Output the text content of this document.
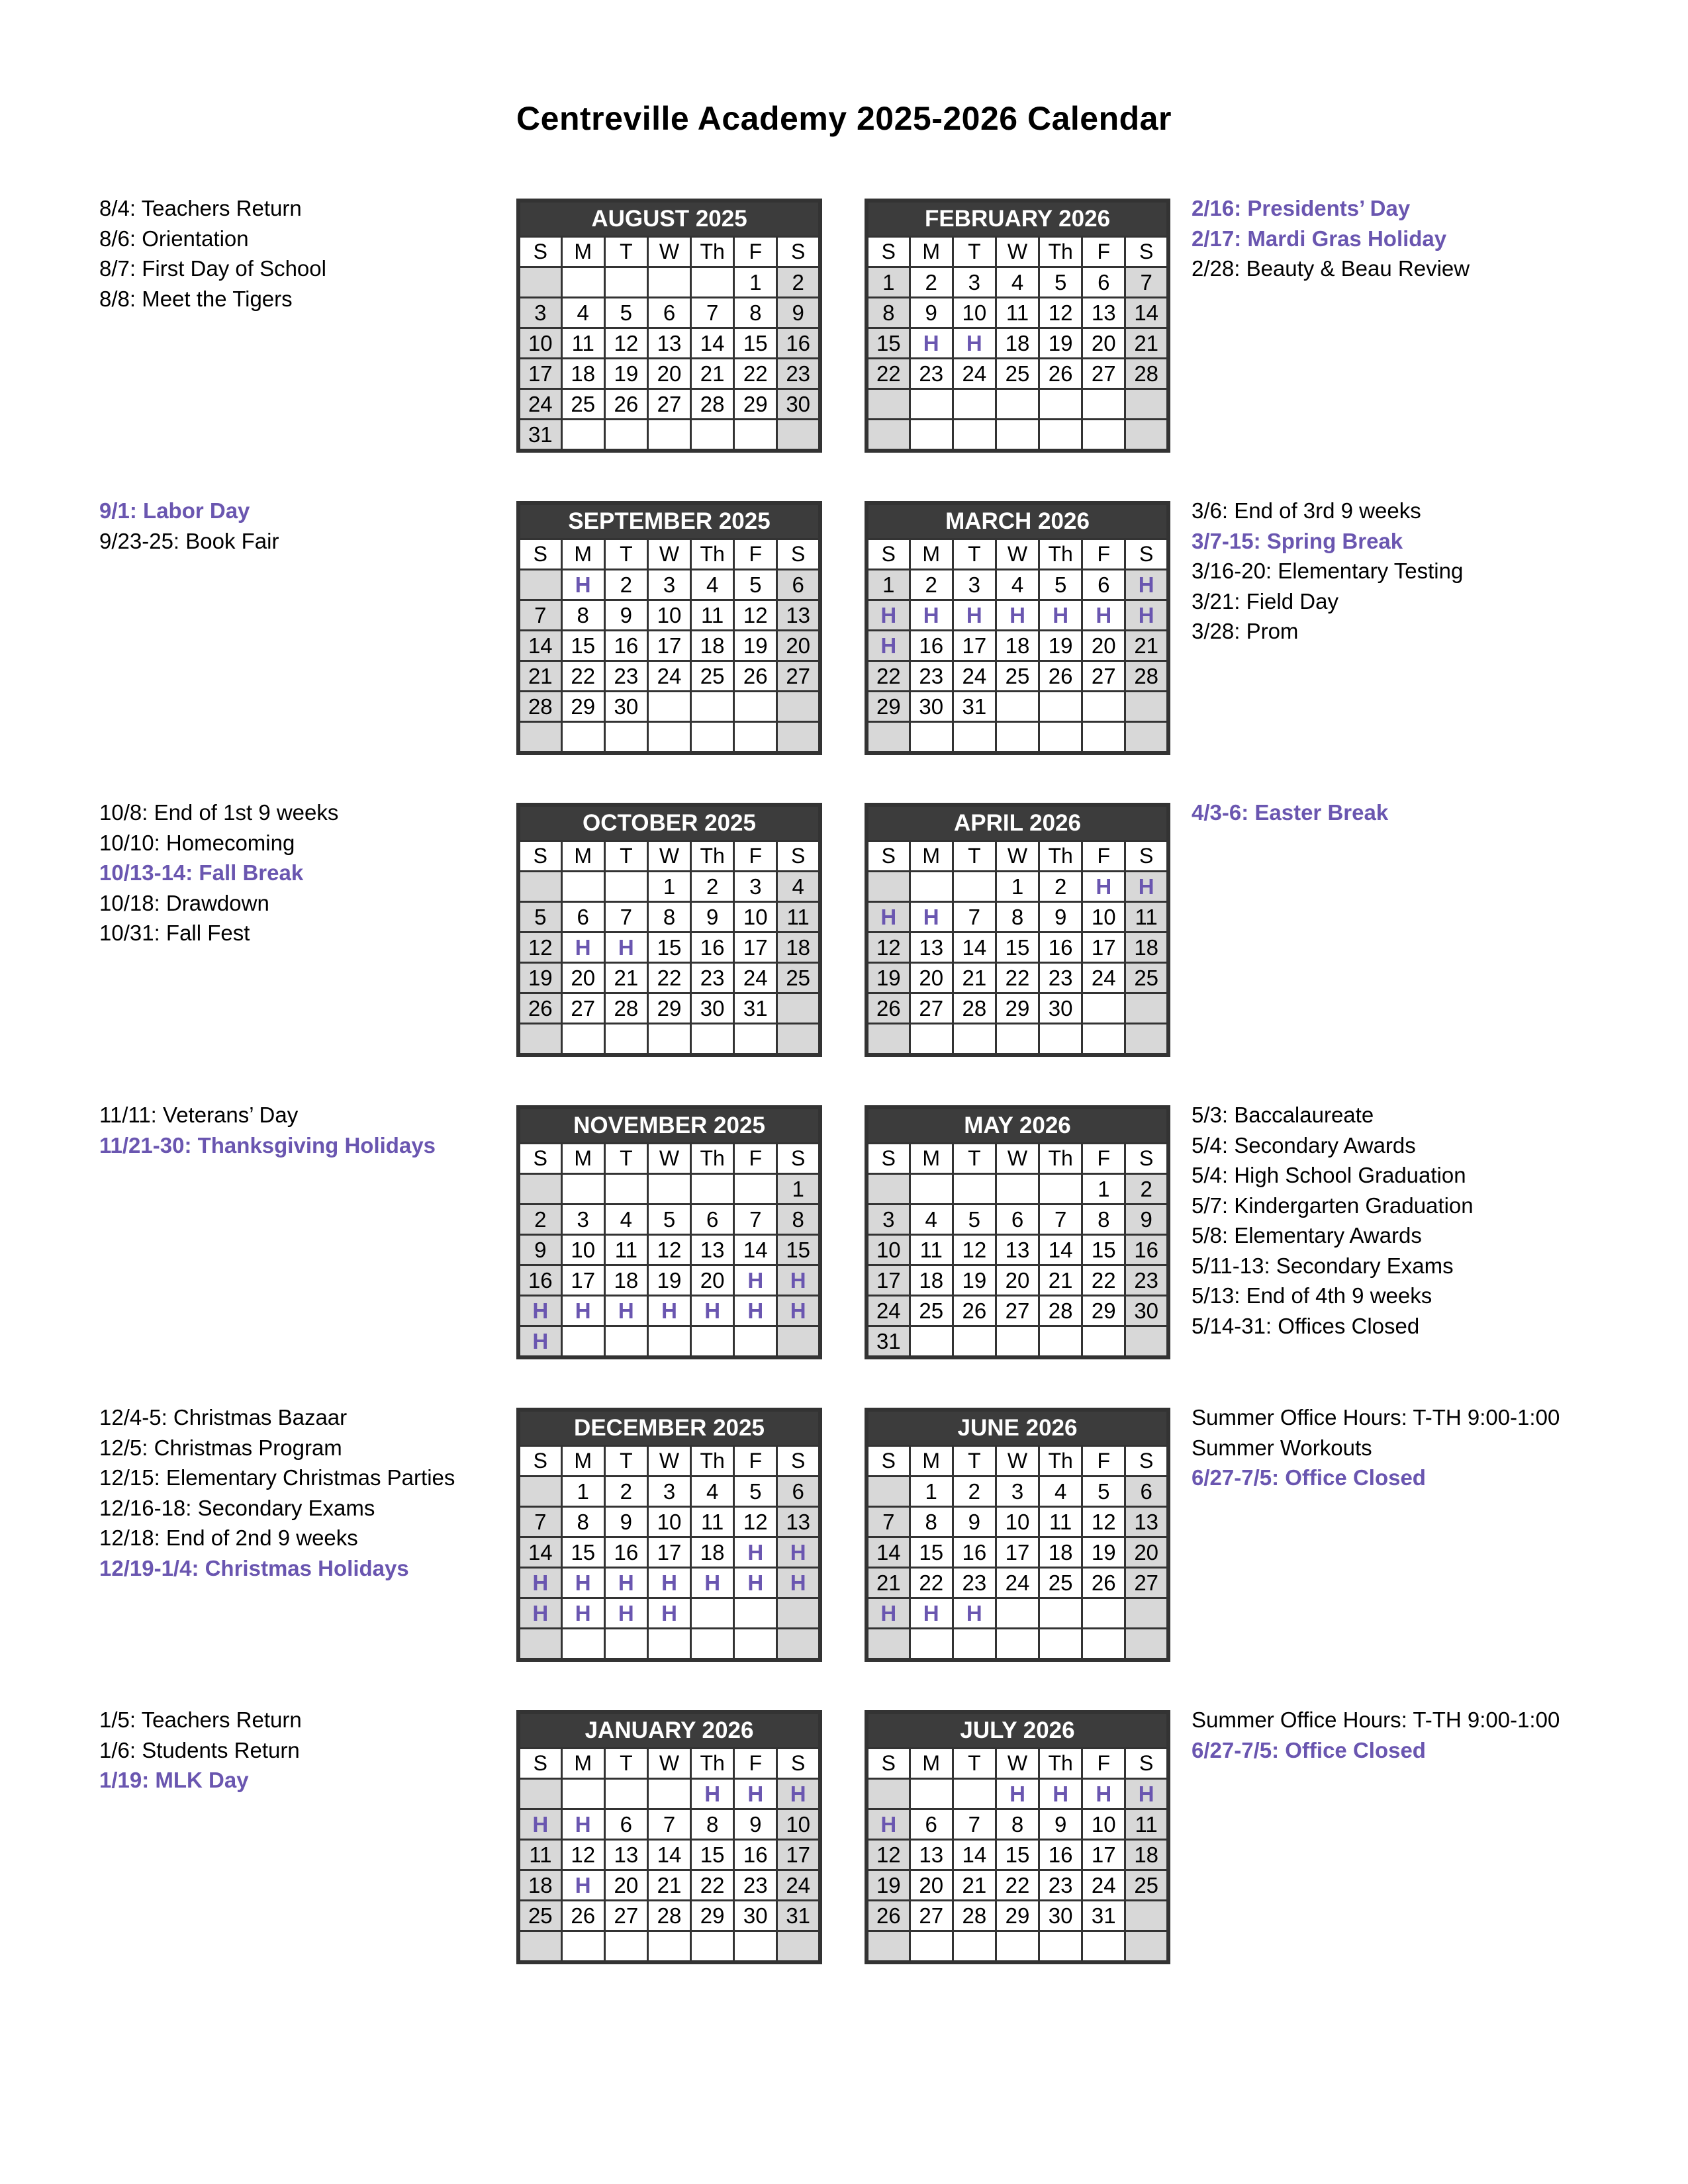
Centreville Academy 2025-2026 Calendar
AUGUST 2025						
S	M	T	W	Th	F	S
					1	2
3	4	5	6	7	8	9
10	11	12	13	14	15	16
17	18	19	20	21	22	23
24	25	26	27	28	29	30
31						
FEBRUARY 2026						
S	M	T	W	Th	F	S
1	2	3	4	5	6	7
8	9	10	11	12	13	14
15	H	H	18	19	20	21
22	23	24	25	26	27	28

SEPTEMBER 2025						
S	M	T	W	Th	F	S
	H	2	3	4	5	6
7	8	9	10	11	12	13
14	15	16	17	18	19	20
21	22	23	24	25	26	27
28	29	30				

MARCH 2026						
S	M	T	W	Th	F	S
1	2	3	4	5	6	H
H	H	H	H	H	H	H
H	16	17	18	19	20	21
22	23	24	25	26	27	28
29	30	31				

OCTOBER 2025						
S	M	T	W	Th	F	S
			1	2	3	4
5	6	7	8	9	10	11
12	H	H	15	16	17	18
19	20	21	22	23	24	25
26	27	28	29	30	31	

APRIL 2026						
S	M	T	W	Th	F	S
			1	2	H	H
H	H	7	8	9	10	11
12	13	14	15	16	17	18
19	20	21	22	23	24	25
26	27	28	29	30		

NOVEMBER 2025						
S	M	T	W	Th	F	S
						1
2	3	4	5	6	7	8
9	10	11	12	13	14	15
16	17	18	19	20	H	H
H	H	H	H	H	H	H
H						
MAY 2026						
S	M	T	W	Th	F	S
					1	2
3	4	5	6	7	8	9
10	11	12	13	14	15	16
17	18	19	20	21	22	23
24	25	26	27	28	29	30
31						
DECEMBER 2025						
S	M	T	W	Th	F	S
	1	2	3	4	5	6
7	8	9	10	11	12	13
14	15	16	17	18	H	H
H	H	H	H	H	H	H
H	H	H	H			

JUNE 2026						
S	M	T	W	Th	F	S
	1	2	3	4	5	6
7	8	9	10	11	12	13
14	15	16	17	18	19	20
21	22	23	24	25	26	27
H	H	H				

JANUARY 2026						
S	M	T	W	Th	F	S
				H	H	H
H	H	6	7	8	9	10
11	12	13	14	15	16	17
18	H	20	21	22	23	24
25	26	27	28	29	30	31

JULY 2026						
S	M	T	W	Th	F	S
			H	H	H	H
H	6	7	8	9	10	11
12	13	14	15	16	17	18
19	20	21	22	23	24	25
26	27	28	29	30	31	

8/4: Teachers Return
8/6: Orientation
8/7: First Day of School
8/8: Meet the Tigers
2/16: Presidents’ Day
2/17: Mardi Gras Holiday
2/28: Beauty & Beau Review
9/1: Labor Day
9/23-25: Book Fair
3/6: End of 3rd 9 weeks
3/7-15: Spring Break
3/16-20: Elementary Testing
3/21: Field Day
3/28: Prom
10/8: End of 1st 9 weeks
10/10: Homecoming
10/13-14: Fall Break
10/18: Drawdown
10/31: Fall Fest
4/3-6: Easter Break
11/11: Veterans’ Day
11/21-30: Thanksgiving Holidays
5/3: Baccalaureate
5/4: Secondary Awards
5/4: High School Graduation
5/7: Kindergarten Graduation
5/8: Elementary Awards
5/11-13: Secondary Exams
5/13: End of 4th 9 weeks
5/14-31: Offices Closed
12/4-5: Christmas Bazaar
12/5: Christmas Program
12/15: Elementary Christmas Parties
12/16-18: Secondary Exams
12/18: End of 2nd 9 weeks
12/19-1/4: Christmas Holidays
Summer Office Hours: T-TH 9:00-1:00
Summer Workouts
6/27-7/5: Office Closed
1/5: Teachers Return
1/6: Students Return
1/19: MLK Day
Summer Office Hours: T-TH 9:00-1:00
6/27-7/5: Office Closed
